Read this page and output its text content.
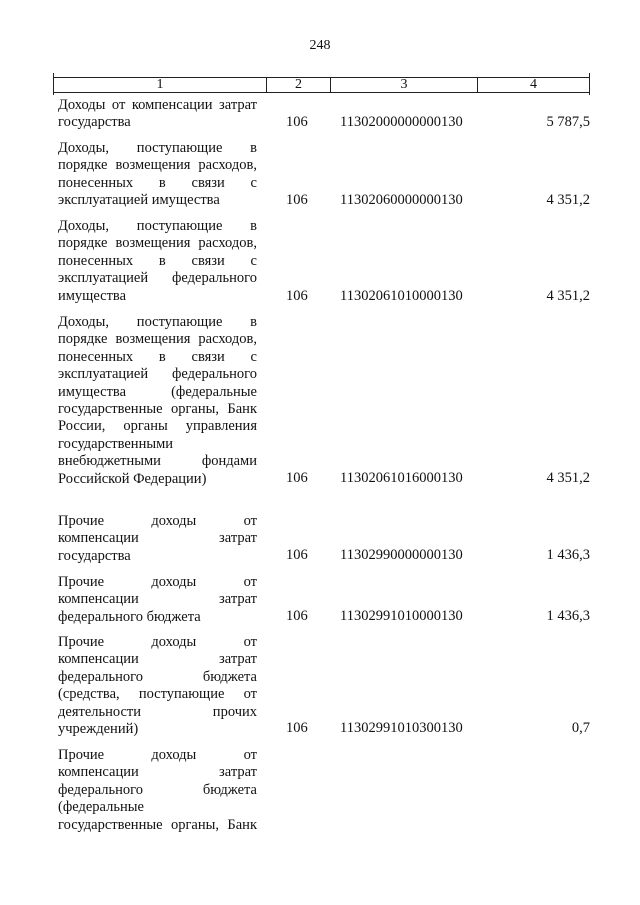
248
1	2	3	4
Доходы от компенсации затрат
государства	106 11302000000000130	5 787,5
Доходы, поступающие в
порядке возмещения расходов,
понесенных в связи с
эксплуатацией имущества	106 11302060000000130	4 351,2
Доходы, поступающие в
порядке возмещения расходов,
понесенных в связи с
эксплуатацией федерального
имущества	106 11302061010000130	4 351,2
Доходы, поступающие в
порядке возмещения расходов,
понесенных в связи с
эксплуатацией федерального
имущества (федеральные
государственные органы, Банк
России, органы управления
государственными
внебюджетными фондами
Российской Федерации)	106 11302061016000130	4 351,2
Прочие доходы от
компенсации затрат
государства	106 11302990000000130	1 436,3
Прочие доходы от
компенсации затрат
федерального бюджета	106 11302991010000130	1 436,3
Прочие доходы от
компенсации затрат
федерального бюджета
(средства, поступающие от
деятельности прочих
учреждений)	106 11302991010300130	0,7
Прочие доходы от
компенсации затрат
федерального бюджета
(федеральные
государственные органы, Банк
